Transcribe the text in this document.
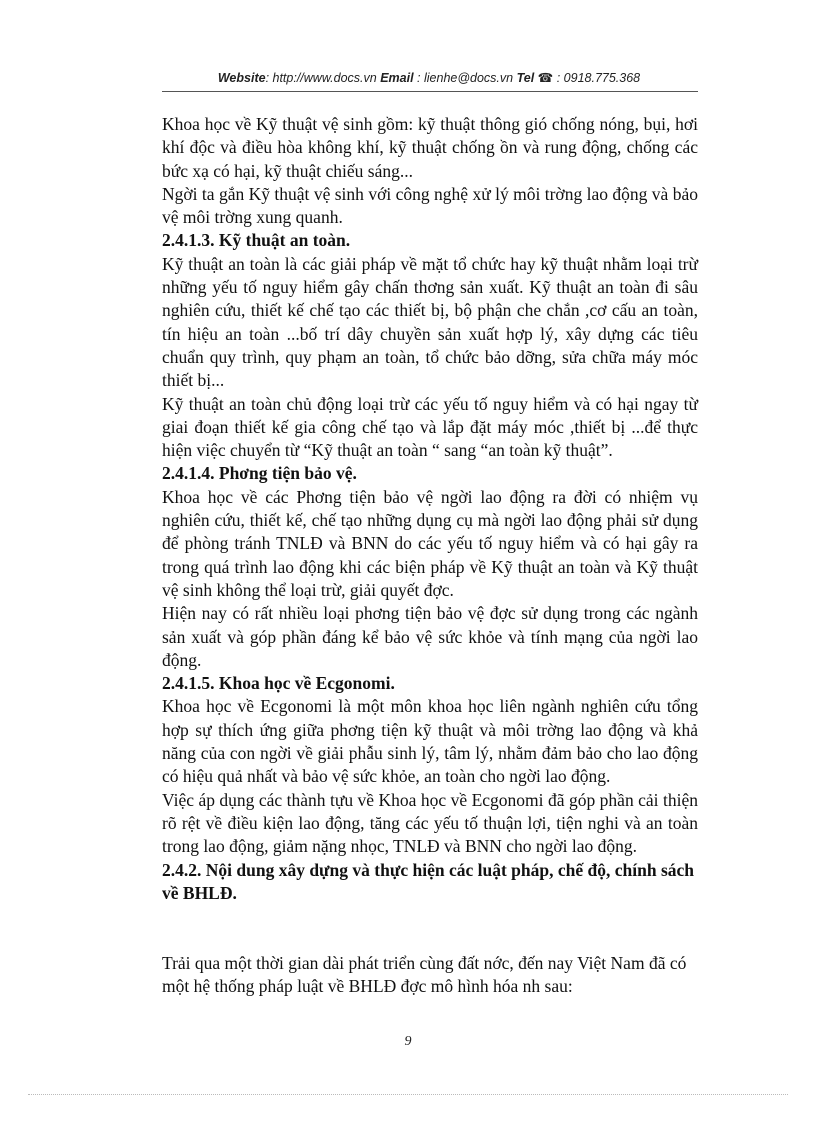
Website: http://www.docs.vn Email : lienhe@docs.vn Tel ☎ : 0918.775.368

Khoa học về Kỹ thuật vệ sinh gồm: kỹ thuật thông gió chống nóng, bụi, hơi khí độc và điều hòa không khí, kỹ thuật chống ồn và rung động, chống các bức xạ có hại, kỹ thuật chiếu sáng...

Ngời ta gắn Kỹ thuật vệ sinh với công nghệ xử lý môi trờng lao động và bảo vệ môi trờng xung quanh.

2.4.1.3. Kỹ thuật an toàn.

Kỹ thuật an toàn là các giải pháp về mặt tổ chức hay kỹ thuật nhằm loại trừ những yếu tố nguy hiểm gây chấn thơng sản xuất. Kỹ thuật an toàn đi sâu nghiên cứu, thiết kế chế tạo các thiết bị, bộ phận che chắn ,cơ cấu an toàn, tín hiệu an toàn ...bố trí dây chuyền sản xuất hợp lý, xây dựng các tiêu chuẩn quy trình, quy phạm an toàn, tổ chức bảo dỡng, sửa chữa máy móc thiết bị...

Kỹ thuật an toàn chủ động loại trừ các yếu tố nguy hiểm và có hại ngay từ giai đoạn thiết kế gia công chế tạo và lắp đặt máy móc ,thiết bị ...để thực hiện việc chuyển từ “Kỹ thuật an toàn “ sang “an toàn kỹ thuật”.

2.4.1.4. Phơng tiện bảo vệ.

Khoa học về các Phơng tiện bảo vệ ngời lao động ra đời có nhiệm vụ nghiên cứu, thiết kế, chế tạo những dụng cụ mà ngời lao động phải sử dụng để phòng tránh TNLĐ và BNN do các yếu tố nguy hiểm và có hại gây ra trong quá trình lao động khi các biện pháp về Kỹ thuật an toàn và Kỹ thuật vệ sinh không thể loại trừ, giải quyết đợc.

Hiện nay có rất nhiều loại phơng tiện bảo vệ đợc sử dụng trong các ngành sản xuất và góp phần đáng kể bảo vệ sức khỏe và tính mạng của ngời lao động.

2.4.1.5. Khoa học về Ecgonomi.

Khoa học về Ecgonomi là một môn khoa học liên ngành nghiên cứu tổng hợp sự thích ứng giữa phơng tiện kỹ thuật và môi trờng lao động và khả năng của con ngời về giải phẫu sinh lý, tâm lý, nhằm đảm bảo cho lao động có hiệu quả nhất và bảo vệ sức khỏe, an toàn cho ngời lao động.

Việc áp dụng các thành tựu về Khoa học về Ecgonomi đã góp phần cải thiện rõ rệt về điều kiện lao động, tăng các yếu tố thuận lợi, tiện nghi và an toàn trong lao động, giảm nặng nhọc, TNLĐ và BNN cho ngời lao động.

2.4.2. Nội dung xây dựng và thực hiện các luật pháp, chế độ, chính sách về BHLĐ.

Trải qua một thời gian dài phát triển cùng đất nớc, đến nay Việt Nam đã có một hệ thống pháp luật về BHLĐ đợc mô hình hóa nh sau:

9
